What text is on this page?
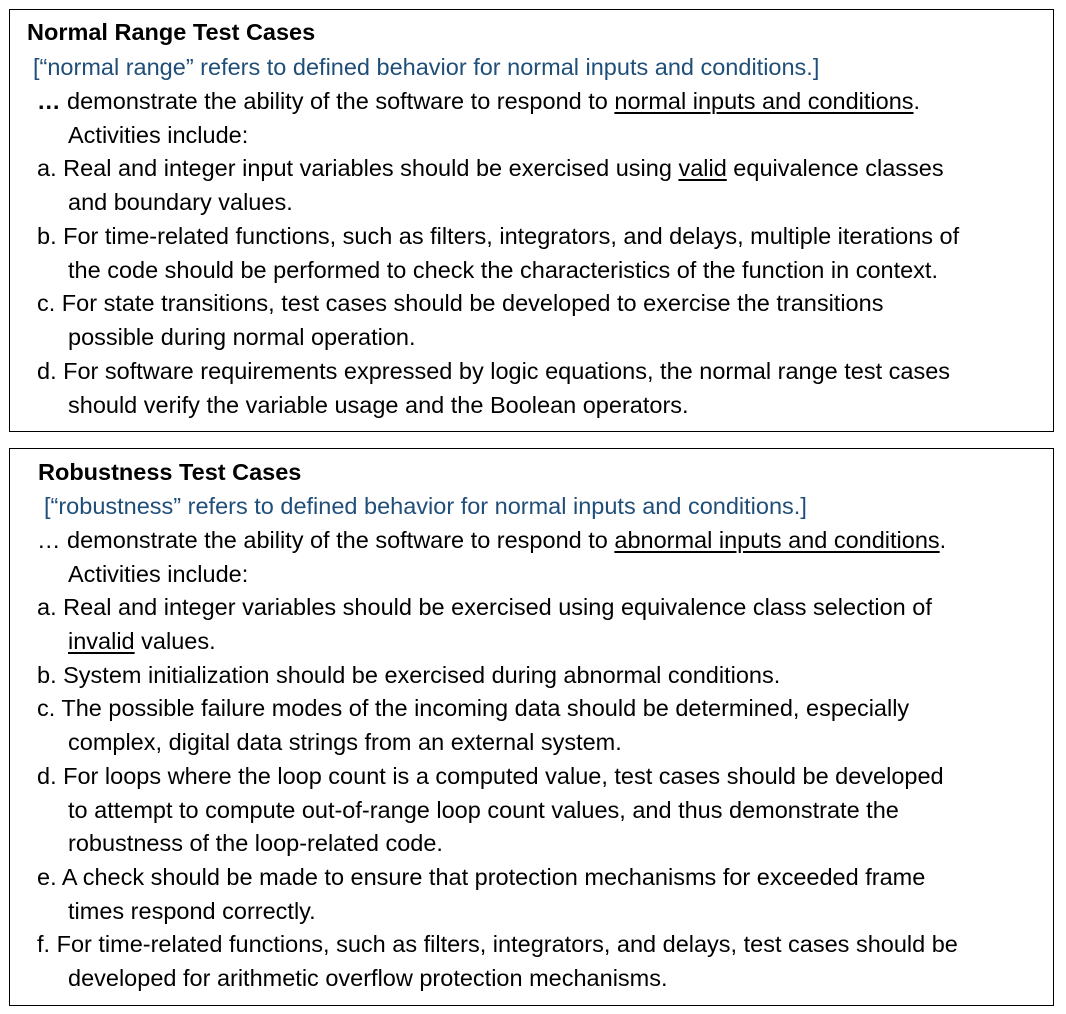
Normal Range Test Cases
[“normal range” refers to defined behavior for normal inputs and conditions.]
… demonstrate the ability of the software to respond to normal inputs and conditions.
Activities include:
a. Real and integer input variables should be exercised using valid equivalence classes
and boundary values.
b. For time-related functions, such as filters, integrators, and delays, multiple iterations of
the code should be performed to check the characteristics of the function in context.
c. For state transitions, test cases should be developed to exercise the transitions
possible during normal operation.
d. For software requirements expressed by logic equations, the normal range test cases
should verify the variable usage and the Boolean operators.
Robustness Test Cases
[“robustness” refers to defined behavior for normal inputs and conditions.]
… demonstrate the ability of the software to respond to abnormal inputs and conditions.
Activities include:
a. Real and integer variables should be exercised using equivalence class selection of
invalid values.
b. System initialization should be exercised during abnormal conditions.
c. The possible failure modes of the incoming data should be determined, especially
complex, digital data strings from an external system.
d. For loops where the loop count is a computed value, test cases should be developed
to attempt to compute out-of-range loop count values, and thus demonstrate the
robustness of the loop-related code.
e. A check should be made to ensure that protection mechanisms for exceeded frame
times respond correctly.
f. For time-related functions, such as filters, integrators, and delays, test cases should be
developed for arithmetic overflow protection mechanisms.
